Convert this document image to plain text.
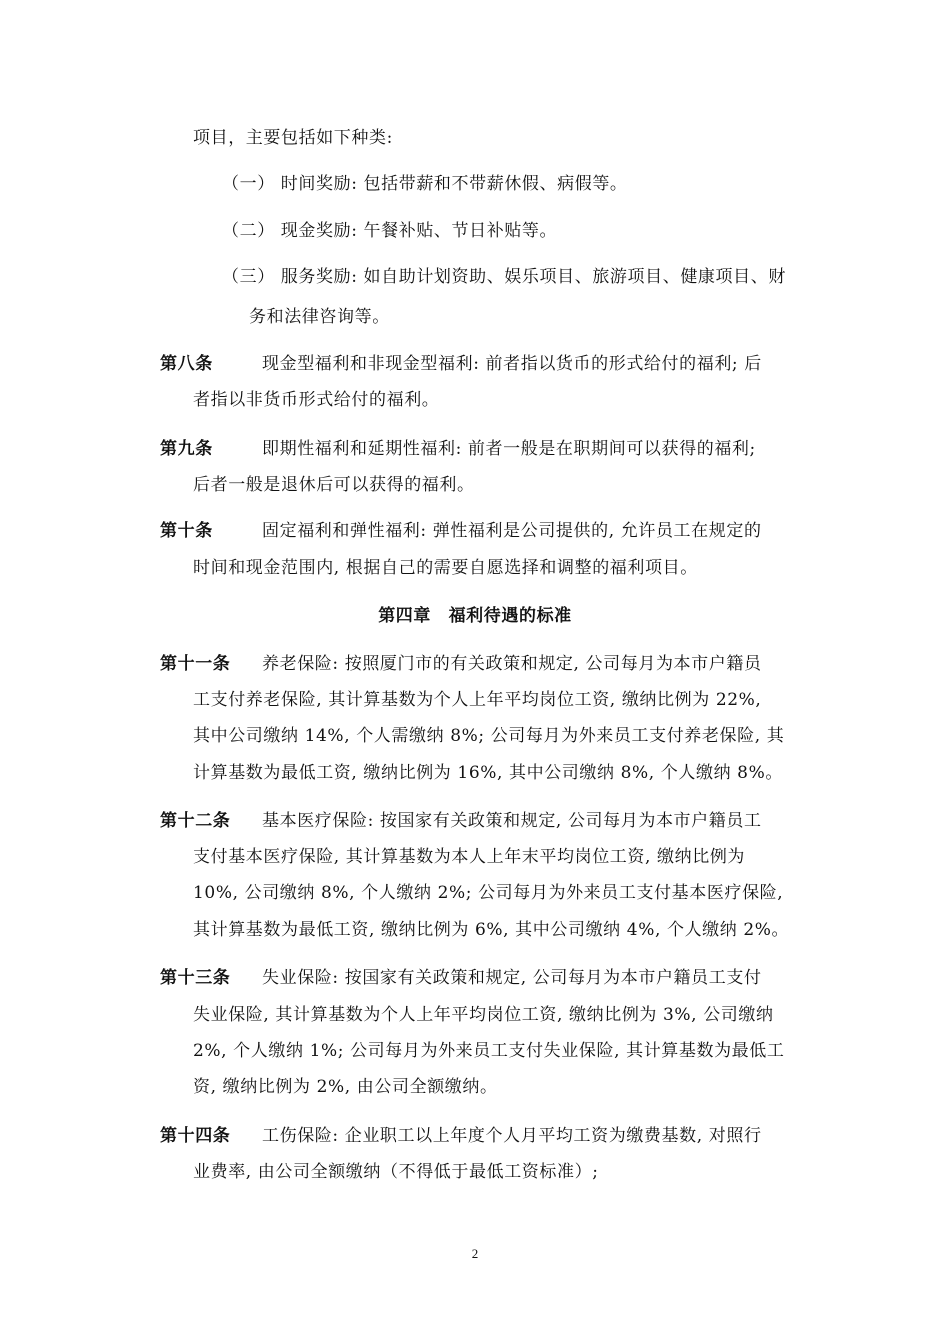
项目，主要包括如下种类:
（一） 时间奖励: 包括带薪和不带薪休假、病假等。
（二） 现金奖励: 午餐补贴、节日补贴等。
（三） 服务奖励: 如自助计划资助、娱乐项目、旅游项目、健康项目、财
务和法律咨询等。
第八条	现金型福利和非现金型福利: 前者指以货币的形式给付的福利; 后
者指以非货币形式给付的福利。
第九条	即期性福利和延期性福利: 前者一般是在职期间可以获得的福利;
后者一般是退休后可以获得的福利。
第十条	固定福利和弹性福利: 弹性福利是公司提供的, 允许员工在规定的
时间和现金范围内, 根据自己的需要自愿选择和调整的福利项目。
第四章　福利待遇的标准
第十一条 养老保险: 按照厦门市的有关政策和规定, 公司每月为本市户籍员
工支付养老保险, 其计算基数为个人上年平均岗位工资, 缴纳比例为 22%,
其中公司缴纳 14%, 个人需缴纳 8%; 公司每月为外来员工支付养老保险, 其
计算基数为最低工资, 缴纳比例为 16%, 其中公司缴纳 8%, 个人缴纳 8%。
第十二条 基本医疗保险: 按国家有关政策和规定, 公司每月为本市户籍员工
支付基本医疗保险, 其计算基数为本人上年末平均岗位工资, 缴纳比例为
10%, 公司缴纳 8%, 个人缴纳 2%; 公司每月为外来员工支付基本医疗保险,
其计算基数为最低工资, 缴纳比例为 6%, 其中公司缴纳 4%, 个人缴纳 2%。
第十三条 失业保险: 按国家有关政策和规定, 公司每月为本市户籍员工支付
失业保险, 其计算基数为个人上年平均岗位工资, 缴纳比例为 3%, 公司缴纳
2%, 个人缴纳 1%; 公司每月为外来员工支付失业保险, 其计算基数为最低工
资, 缴纳比例为 2%, 由公司全额缴纳。
第十四条 工伤保险: 企业职工以上年度个人月平均工资为缴费基数, 对照行
业费率, 由公司全额缴纳（不得低于最低工资标准）;
2
